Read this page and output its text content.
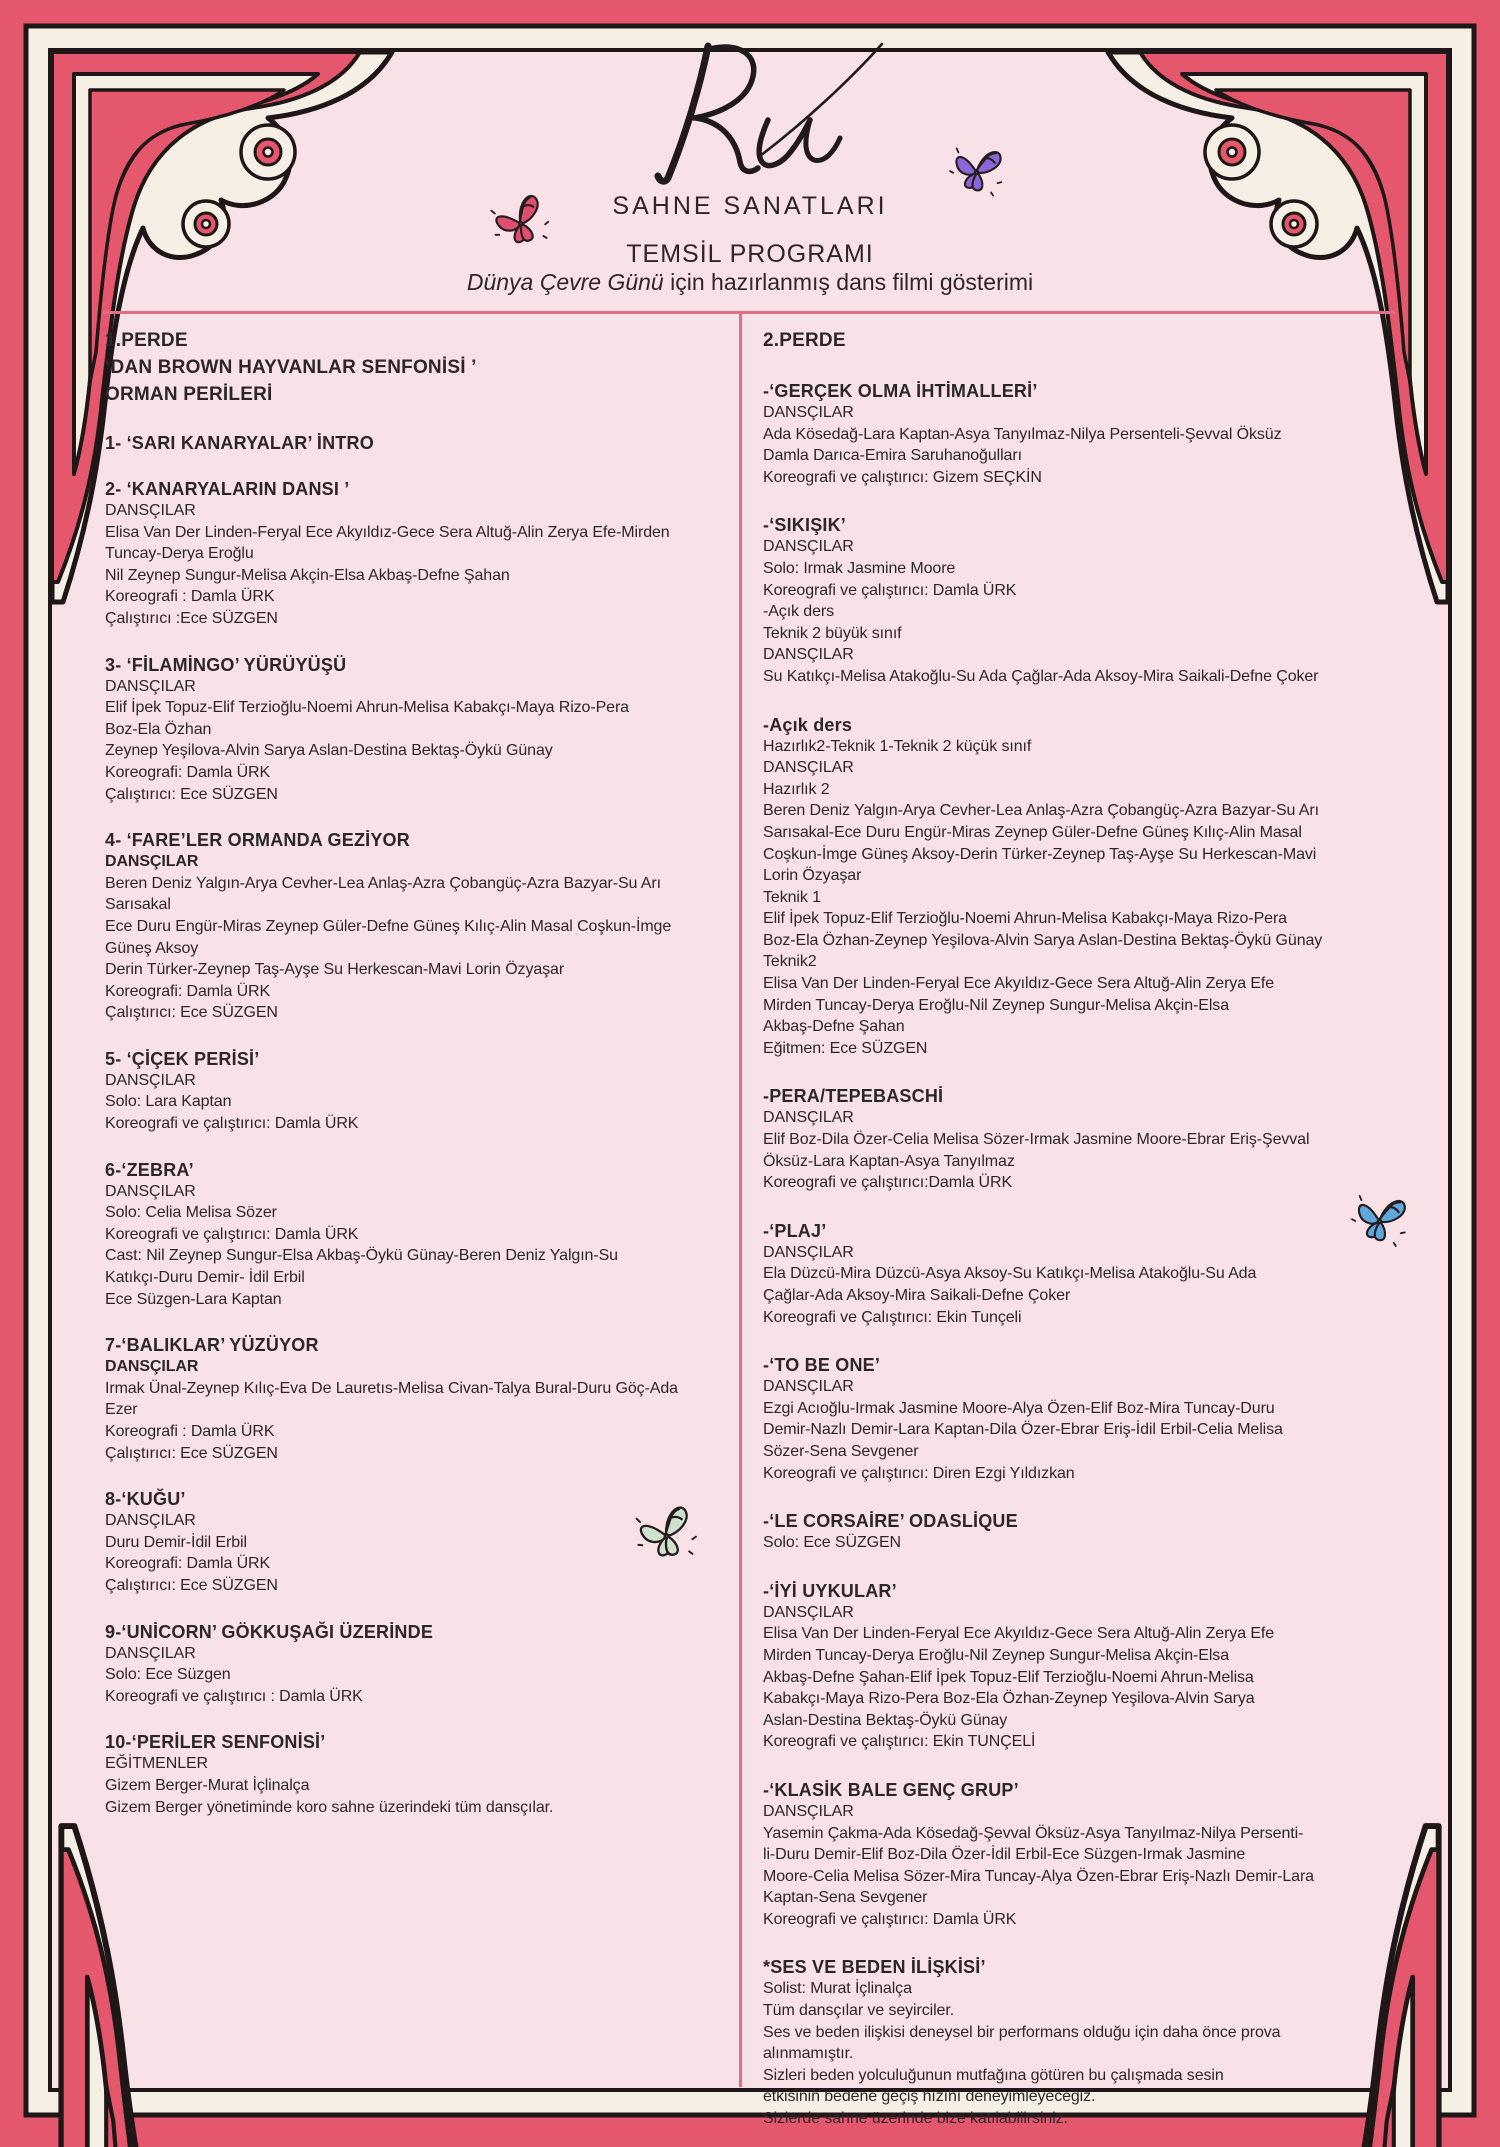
SAHNE SANATLARI
TEMSİL PROGRAMI
Dünya Çevre Günü için hazırlanmış dans filmi gösterimi
1.PERDE
‘DAN BROWN HAYVANLAR SENFONİSİ ’
ORMAN PERİLERİ
1- ‘SARI KANARYALAR’ İNTRO
2- ‘KANARYALARIN DANSI ’
DANSÇILAR
Elisa Van Der Linden-Feryal Ece Akyıldız-Gece Sera Altuğ-Alin Zerya Efe-Mirden
Tuncay-Derya Eroğlu
Nil Zeynep Sungur-Melisa Akçin-Elsa Akbaş-Defne Şahan
Koreografi : Damla ÜRK
Çalıştırıcı :Ece SÜZGEN
3- ‘FİLAMİNGO’ YÜRÜYÜŞÜ
DANSÇILAR
Elif İpek Topuz-Elif Terzioğlu-Noemi Ahrun-Melisa Kabakçı-Maya Rizo-Pera
Boz-Ela Özhan
Zeynep Yeşilova-Alvin Sarya Aslan-Destina Bektaş-Öykü Günay
Koreografi: Damla ÜRK
Çalıştırıcı: Ece SÜZGEN
4- ‘FARE’LER ORMANDA GEZİYOR
DANSÇILAR
Beren Deniz Yalgın-Arya Cevher-Lea Anlaş-Azra Çobangüç-Azra Bazyar-Su Arı
Sarısakal
Ece Duru Engür-Miras Zeynep Güler-Defne Güneş Kılıç-Alin Masal Coşkun-İmge
Güneş Aksoy
Derin Türker-Zeynep Taş-Ayşe Su Herkescan-Mavi Lorin Özyaşar
Koreografi: Damla ÜRK
Çalıştırıcı: Ece SÜZGEN
5- ‘ÇİÇEK PERİSİ’
DANSÇILAR
Solo: Lara Kaptan
Koreografi ve çalıştırıcı: Damla ÜRK
6-‘ZEBRA’
DANSÇILAR
Solo: Celia Melisa Sözer
Koreografi ve çalıştırıcı: Damla ÜRK
Cast: Nil Zeynep Sungur-Elsa Akbaş-Öykü Günay-Beren Deniz Yalgın-Su
Katıkçı-Duru Demir- İdil Erbil
Ece Süzgen-Lara Kaptan
7-‘BALIKLAR’ YÜZÜYOR
DANSÇILAR
Irmak Ünal-Zeynep Kılıç-Eva De Lauretıs-Melisa Civan-Talya Bural-Duru Göç-Ada
Ezer
Koreografi : Damla ÜRK
Çalıştırıcı: Ece SÜZGEN
8-‘KUĞU’
DANSÇILAR
Duru Demir-İdil Erbil
Koreografi: Damla ÜRK
Çalıştırıcı: Ece SÜZGEN
9-‘UNİCORN’ GÖKKUŞAĞI ÜZERİNDE
DANSÇILAR
Solo: Ece Süzgen
Koreografi ve çalıştırıcı : Damla ÜRK
10-‘PERİLER SENFONİSİ’
EĞİTMENLER
Gizem Berger-Murat İçlinalça
Gizem Berger yönetiminde koro sahne üzerindeki tüm dansçılar.
2.PERDE
-‘GERÇEK OLMA İHTİMALLERİ’
DANSÇILAR
Ada Kösedağ-Lara Kaptan-Asya Tanyılmaz-Nilya Persenteli-Şevval Öksüz
Damla Darıca-Emira Saruhanoğulları
Koreografi ve çalıştırıcı: Gizem SEÇKİN
-‘SIKIŞIK’
DANSÇILAR
Solo: Irmak Jasmine Moore
Koreografi ve çalıştırıcı: Damla ÜRK
-Açık ders
Teknik 2 büyük sınıf
DANSÇILAR
Su Katıkçı-Melisa Atakoğlu-Su Ada Çağlar-Ada Aksoy-Mira Saikali-Defne Çoker
-Açık ders
Hazırlık2-Teknik 1-Teknik 2 küçük sınıf
DANSÇILAR
Hazırlık 2
Beren Deniz Yalgın-Arya Cevher-Lea Anlaş-Azra Çobangüç-Azra Bazyar-Su Arı
Sarısakal-Ece Duru Engür-Miras Zeynep Güler-Defne Güneş Kılıç-Alin Masal
Coşkun-İmge Güneş Aksoy-Derin Türker-Zeynep Taş-Ayşe Su Herkescan-Mavi
Lorin Özyaşar
Teknik 1
Elif İpek Topuz-Elif Terzioğlu-Noemi Ahrun-Melisa Kabakçı-Maya Rizo-Pera
Boz-Ela Özhan-Zeynep Yeşilova-Alvin Sarya Aslan-Destina Bektaş-Öykü Günay
Teknik2
Elisa Van Der Linden-Feryal Ece Akyıldız-Gece Sera Altuğ-Alin Zerya Efe
Mirden Tuncay-Derya Eroğlu-Nil Zeynep Sungur-Melisa Akçin-Elsa
Akbaş-Defne Şahan
Eğitmen: Ece SÜZGEN
-PERA/TEPEBASCHİ
DANSÇILAR
Elif Boz-Dila Özer-Celia Melisa Sözer-Irmak Jasmine Moore-Ebrar Eriş-Şevval
Öksüz-Lara Kaptan-Asya Tanyılmaz
Koreografi ve çalıştırıcı:Damla ÜRK
-‘PLAJ’
DANSÇILAR
Ela Düzcü-Mira Düzcü-Asya Aksoy-Su Katıkçı-Melisa Atakoğlu-Su Ada
Çağlar-Ada Aksoy-Mira Saikali-Defne Çoker
Koreografi ve Çalıştırıcı: Ekin Tunçeli
-‘TO BE ONE’
DANSÇILAR
Ezgi Acıoğlu-Irmak Jasmine Moore-Alya Özen-Elif Boz-Mira Tuncay-Duru
Demir-Nazlı Demir-Lara Kaptan-Dila Özer-Ebrar Eriş-İdil Erbil-Celia Melisa
Sözer-Sena Sevgener
Koreografi ve çalıştırıcı: Diren Ezgi Yıldızkan
-‘LE CORSAİRE’ ODASLİQUE
Solo: Ece SÜZGEN
-‘İYİ UYKULAR’
DANSÇILAR
Elisa Van Der Linden-Feryal Ece Akyıldız-Gece Sera Altuğ-Alin Zerya Efe
Mirden Tuncay-Derya Eroğlu-Nil Zeynep Sungur-Melisa Akçin-Elsa
Akbaş-Defne Şahan-Elif İpek Topuz-Elif Terzioğlu-Noemi Ahrun-Melisa
Kabakçı-Maya Rizo-Pera Boz-Ela Özhan-Zeynep Yeşilova-Alvin Sarya
Aslan-Destina Bektaş-Öykü Günay
Koreografi ve çalıştırıcı: Ekin TUNÇELİ
-‘KLASİK BALE GENÇ GRUP’
DANSÇILAR
Yasemin Çakma-Ada Kösedağ-Şevval Öksüz-Asya Tanyılmaz-Nilya Persenti-
li-Duru Demir-Elif Boz-Dila Özer-İdil Erbil-Ece Süzgen-Irmak Jasmine
Moore-Celia Melisa Sözer-Mira Tuncay-Alya Özen-Ebrar Eriş-Nazlı Demir-Lara
Kaptan-Sena Sevgener
Koreografi ve çalıştırıcı: Damla ÜRK
*SES VE BEDEN İLİŞKİSİ’
Solist: Murat İçlinalça
Tüm dansçılar ve seyirciler.
Ses ve beden ilişkisi deneysel bir performans olduğu için daha önce prova
alınmamıştır.
Sizleri beden yolculuğunun mutfağına götüren bu çalışmada sesin
etkisinin bedene geçiş hızını deneyimleyeceğiz.
Sizlerde sahne üzerinde bize katılabilirsiniz.
